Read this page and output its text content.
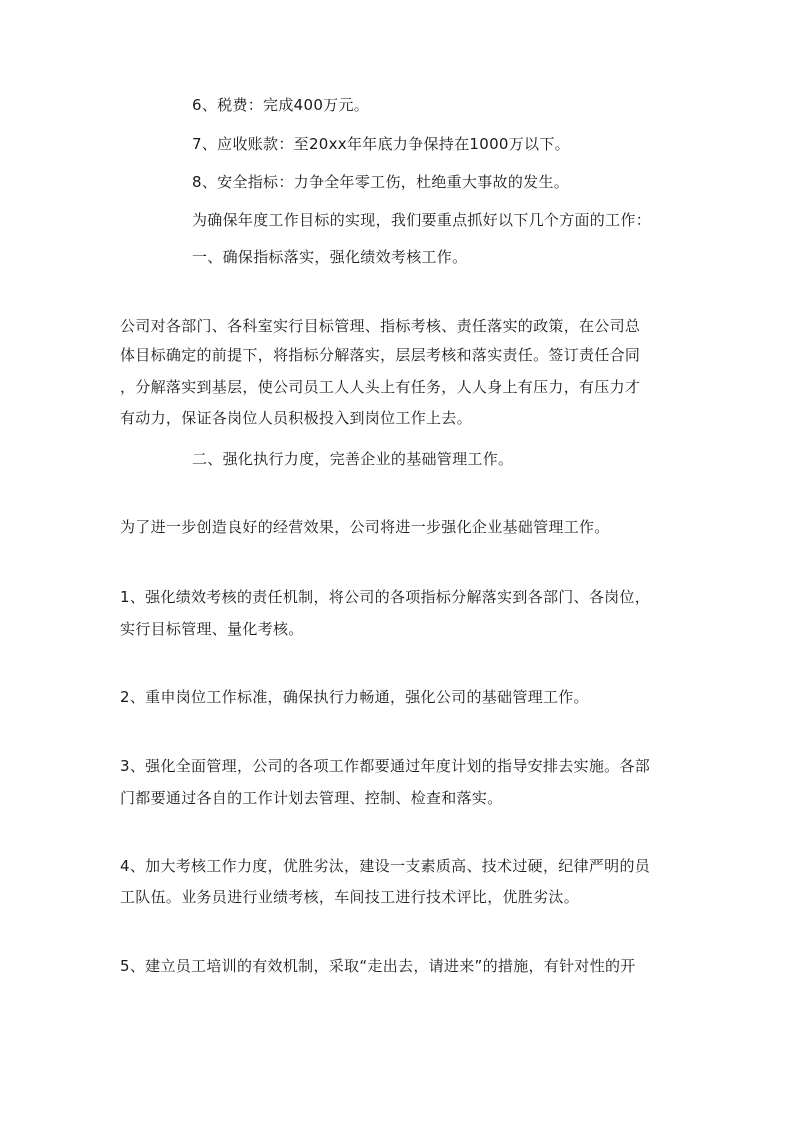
6、税费：完成400万元。
7、应收账款：至20xx年年底力争保持在1000万以下。
8、安全指标：力争全年零工伤，杜绝重大事故的发生。
为确保年度工作目标的实现，我们要重点抓好以下几个方面的工作：
一、确保指标落实，强化绩效考核工作。
公司对各部门、各科室实行目标管理、指标考核、责任落实的政策，在公司总
体目标确定的前提下，将指标分解落实，层层考核和落实责任。签订责任合同
，分解落实到基层，使公司员工人人头上有任务，人人身上有压力，有压力才
有动力，保证各岗位人员积极投入到岗位工作上去。
二、强化执行力度，完善企业的基础管理工作。
为了进一步创造良好的经营效果，公司将进一步强化企业基础管理工作。
1、强化绩效考核的责任机制，将公司的各项指标分解落实到各部门、各岗位，
实行目标管理、量化考核。
2、重申岗位工作标准，确保执行力畅通，强化公司的基础管理工作。
3、强化全面管理，公司的各项工作都要通过年度计划的指导安排去实施。各部
门都要通过各自的工作计划去管理、控制、检查和落实。
4、加大考核工作力度，优胜劣汰，建设一支素质高、技术过硬，纪律严明的员
工队伍。业务员进行业绩考核，车间技工进行技术评比，优胜劣汰。
5、建立员工培训的有效机制，采取“走出去，请进来”的措施，有针对性的开
